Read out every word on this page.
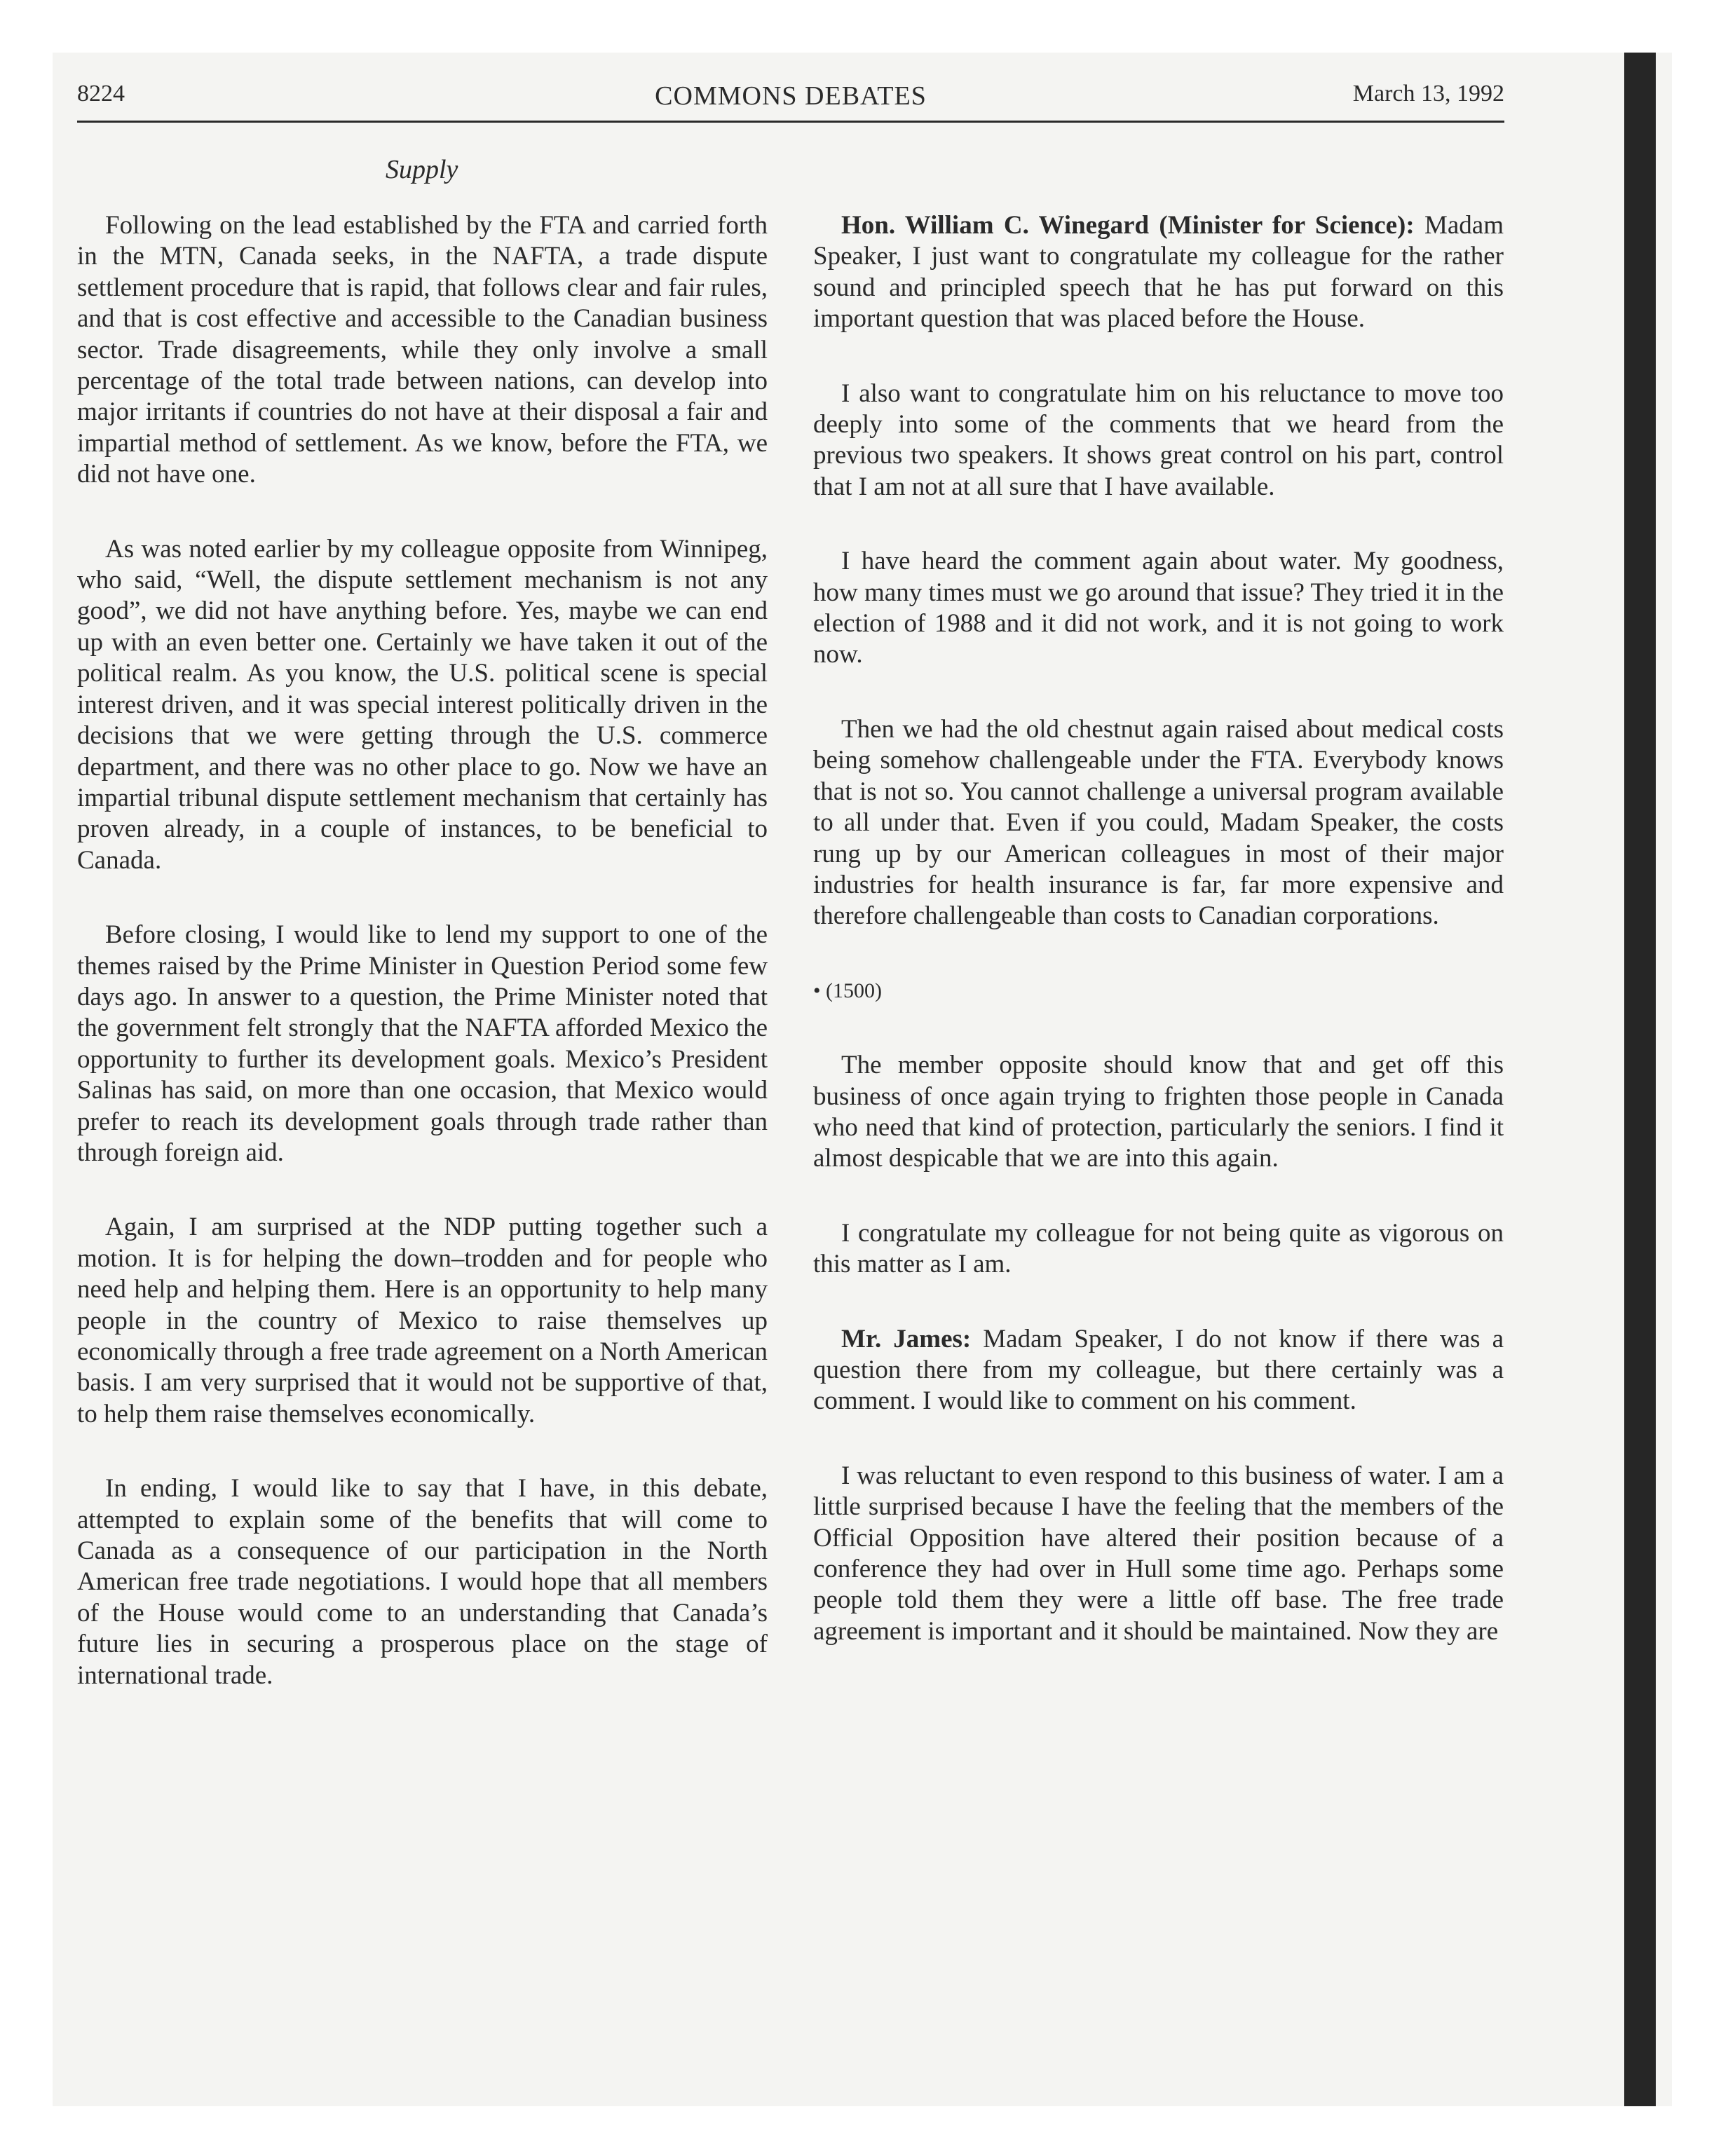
8224	COMMONS DEBATES	March 13, 1992
Supply

Following on the lead established by the FTA and carried forth in the MTN, Canada seeks, in the NAFTA, a trade dispute settlement procedure that is rapid, that follows clear and fair rules, and that is cost effective and accessible to the Canadian business sector. Trade disagreements, while they only involve a small percentage of the total trade between nations, can develop into major irritants if countries do not have at their disposal a fair and impartial method of settlement. As we know, before the FTA, we did not have one.

As was noted earlier by my colleague opposite from Winnipeg, who said, “Well, the dispute settlement mechanism is not any good”, we did not have anything before. Yes, maybe we can end up with an even better one. Certainly we have taken it out of the political realm. As you know, the U.S. political scene is special interest driven, and it was special interest politically driven in the decisions that we were getting through the U.S. commerce department, and there was no other place to go. Now we have an impartial tribunal dispute settlement mechanism that certainly has proven already, in a couple of instances, to be beneficial to Canada.

Before closing, I would like to lend my support to one of the themes raised by the Prime Minister in Question Period some few days ago. In answer to a question, the Prime Minister noted that the government felt strongly that the NAFTA afforded Mexico the opportunity to further its development goals. Mexico’s President Salinas has said, on more than one occasion, that Mexico would prefer to reach its development goals through trade rather than through foreign aid.

Again, I am surprised at the NDP putting together such a motion. It is for helping the down–trodden and for people who need help and helping them. Here is an opportunity to help many people in the country of Mexico to raise themselves up economically through a free trade agreement on a North American basis. I am very surprised that it would not be supportive of that, to help them raise themselves economically.

In ending, I would like to say that I have, in this debate, attempted to explain some of the benefits that will come to Canada as a consequence of our participation in the North American free trade negotiations. I would hope that all members of the House would come to an understanding that Canada’s future lies in securing a prosperous place on the stage of international trade.

Hon. William C. Winegard (Minister for Science): Madam Speaker, I just want to congratulate my colleague for the rather sound and principled speech that he has put forward on this important question that was placed before the House.

I also want to congratulate him on his reluctance to move too deeply into some of the comments that we heard from the previous two speakers. It shows great control on his part, control that I am not at all sure that I have available.

I have heard the comment again about water. My goodness, how many times must we go around that issue? They tried it in the election of 1988 and it did not work, and it is not going to work now.

Then we had the old chestnut again raised about medical costs being somehow challengeable under the FTA. Everybody knows that is not so. You cannot challenge a universal program available to all under that. Even if you could, Madam Speaker, the costs rung up by our American colleagues in most of their major industries for health insurance is far, far more expensive and therefore challengeable than costs to Canadian corporations.

• (1500)

The member opposite should know that and get off this business of once again trying to frighten those people in Canada who need that kind of protection, particularly the seniors. I find it almost despicable that we are into this again.

I congratulate my colleague for not being quite as vigorous on this matter as I am.

Mr. James: Madam Speaker, I do not know if there was a question there from my colleague, but there certainly was a comment. I would like to comment on his comment.

I was reluctant to even respond to this business of water. I am a little surprised because I have the feeling that the members of the Official Opposition have altered their position because of a conference they had over in Hull some time ago. Perhaps some people told them they were a little off base. The free trade agreement is important and it should be maintained. Now they are
